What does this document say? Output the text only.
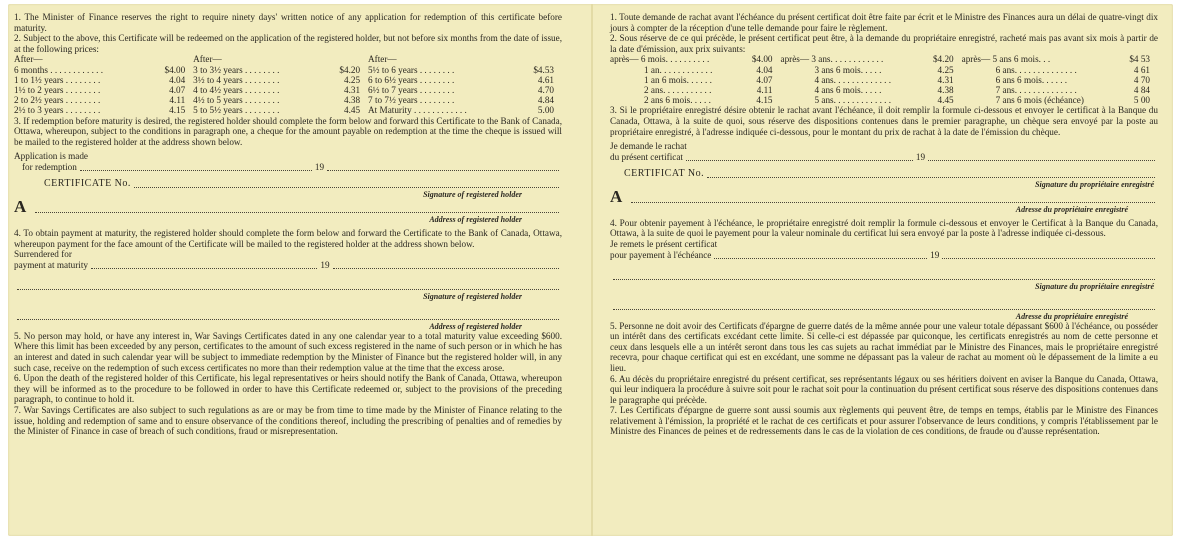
1. The Minister of Finance reserves the right to require ninety days' written notice of any application for redemption of this certificate before maturity.

2. Subject to the above, this Certificate will be redeemed on the application of the registered holder, but not before six months from the date of issue, at the following prices:

After—		After—		After—	
6 months . . . . . . . . . . . .	$4.00	3 to 3½ years . . . . . . . .	$4.20	5½ to 6 years . . . . . . . .	$4.53
1 to 1½ years . . . . . . . .	4.04	3½ to 4 years . . . . . . . .	4.25	6 to 6½ years . . . . . . . .	4.61
1½ to 2 years . . . . . . . .	4.07	4 to 4½ years . . . . . . . .	4.31	6½ to 7 years . . . . . . . .	4.70
2 to 2½ years . . . . . . . .	4.11	4½ to 5 years . . . . . . . .	4.38	7 to 7½ years . . . . . . . .	4.84
2½ to 3 years . . . . . . . .	4.15	5 to 5½ years . . . . . . . .	4.45	At Maturity . . . . . . . . . . . .	5.00

3. If redemption before maturity is desired, the registered holder should complete the form below and forward this Certificate to the Bank of Canada, Ottawa, whereupon, subject to the conditions in paragraph one, a cheque for the amount payable on redemption at the time the cheque is issued will be mailed to the registered holder at the address shown below.

Application is made
for redemption	19
CERTIFICATE No.
Signature of registered holder
A
Address of registered holder

4. To obtain payment at maturity, the registered holder should complete the form below and forward the Certificate to the Bank of Canada, Ottawa, whereupon payment for the face amount of the Certificate will be mailed to the registered holder at the address shown below.

Surrendered for
payment at maturity	19
Signature of registered holder
Address of registered holder

5. No person may hold, or have any interest in, War Savings Certificates dated in any one calendar year to a total maturity value exceeding $600. Where this limit has been exceeded by any person, certificates to the amount of such excess registered in the name of such person or in which he has an interest and dated in such calendar year will be subject to immediate redemption by the Minister of Finance but the registered holder will, in any such case, receive on the redemption of such excess certificates no more than their redemption value at the time that the excess arose.

6. Upon the death of the registered holder of this Certificate, his legal representatives or heirs should notify the Bank of Canada, Ottawa, whereupon they will be informed as to the procedure to be followed in order to have this Certificate redeemed or, subject to the provisions of the preceding paragraph, to continue to hold it.

7. War Savings Certificates are also subject to such regulations as are or may be from time to time made by the Minister of Finance relating to the issue, holding and redemption of same and to ensure observance of the conditions thereof, including the prescribing of penalties and of remedies by the Minister of Finance in case of breach of such conditions, fraud or misrepresentation.

1. Toute demande de rachat avant l'échéance du présent certificat doit être faite par écrit et le Ministre des Finances aura un délai de quatre-vingt dix jours à compter de la réception d'une telle demande pour faire le règlement.

2. Sous réserve de ce qui précède, le présent certificat peut être, à la demande du propriétaire enregistré, racheté mais pas avant six mois à partir de la date d'émission, aux prix suivants:

après— 6 mois. . . . . . . . . .	$4.00	après— 3 ans. . . . . . . . . . . .	$4.20	après— 5 ans 6 mois. . .	$4 53
1 an. . . . . . . . . . . .	4.04	3 ans 6 mois. . . . .	4.25	6 ans. . . . . . . . . . . . . .	4 61
1 an 6 mois. . . . . .	4.07	4 ans. . . . . . . . . . . . .	4.31	6 ans 6 mois. . . . . .	4 70
2 ans. . . . . . . . . . .	4.11	4 ans 6 mois. . . . .	4.38	7 ans. . . . . . . . . . . . . .	4 84
2 ans 6 mois. . . . .	4.15	5 ans. . . . . . . . . . . . .	4.45	7 ans 6 mois (échéance)	5 00

3. Si le propriétaire enregistré désire obtenir le rachat avant l'échéance, il doit remplir la formule ci-dessous et envoyer le certificat à la Banque du Canada, Ottawa, à la suite de quoi, sous réserve des dispositions contenues dans le premier paragraphe, un chèque sera envoyé par la poste au propriétaire enregistré, à l'adresse indiquée ci-dessous, pour le montant du prix de rachat à la date de l'émission du chèque.

Je demande le rachat
du présent certificat	19
CERTIFICAT No.
Signature du propriétaire enregistré
A
Adresse du propriétaire enregistré

4. Pour obtenir payement à l'échéance, le propriétaire enregistré doit remplir la formule ci-dessous et envoyer le Certificat à la Banque du Canada, Ottawa, à la suite de quoi le payement pour la valeur nominale du certificat lui sera envoyé par la poste à l'adresse indiquée ci-dessous.

Je remets le présent certificat
pour payement à l'échéance	19
Signature du propriétaire enregistré
Adresse du propriétaire enregistré

5. Personne ne doit avoir des Certificats d'épargne de guerre datés de la même année pour une valeur totale dépassant $600 à l'échéance, ou posséder un intérêt dans des certificats excédant cette limite. Si celle-ci est dépassée par quiconque, les certificats enregistrés au nom de cette personne et ceux dans lesquels elle a un intérêt seront dans tous les cas sujets au rachat immédiat par le Ministre des Finances, mais le propriétaire enregistré recevra, pour chaque certificat qui est en excédant, une somme ne dépassant pas la valeur de rachat au moment où le dépassement de la limite a eu lieu.

6. Au décès du propriétaire enregistré du présent certificat, ses représentants légaux ou ses héritiers doivent en aviser la Banque du Canada, Ottawa, qui leur indiquera la procédure à suivre soit pour le rachat soit pour la continuation du présent certificat sous réserve des dispositions contenues dans le paragraphe qui précède.

7. Les Certificats d'épargne de guerre sont aussi soumis aux règlements qui peuvent être, de temps en temps, établis par le Ministre des Finances relativement à l'émission, la propriété et le rachat de ces certificats et pour assurer l'observance de leurs conditions, y compris l'établissement par le Ministre des Finances de peines et de redressements dans le cas de la violation de ces conditions, de fraude ou d'ausse représentation.
